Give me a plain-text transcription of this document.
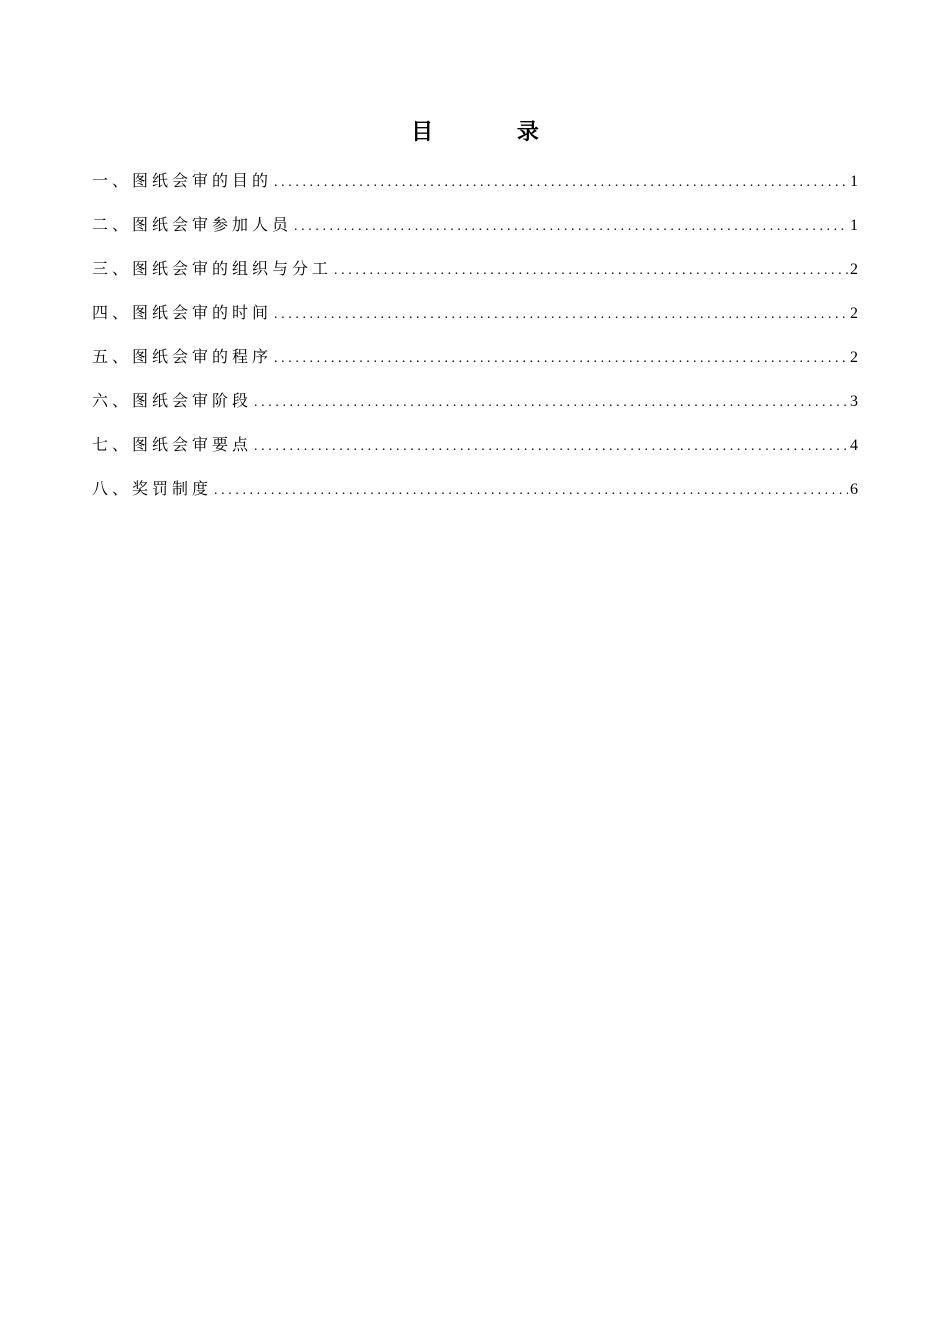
目 录
一 、 图纸会审的目的 .....	1
二 、 图纸会审参加人员 .....	1
三 、 图纸会审的组织与分工 .....	2
四 、 图纸会审的时间 .....	2
五 、 图纸会审的程序 .....	2
六 、 图纸会审阶段 .....	3
七 、 图纸会审要点 .....	4
八 、 奖罚制度 .....	6
